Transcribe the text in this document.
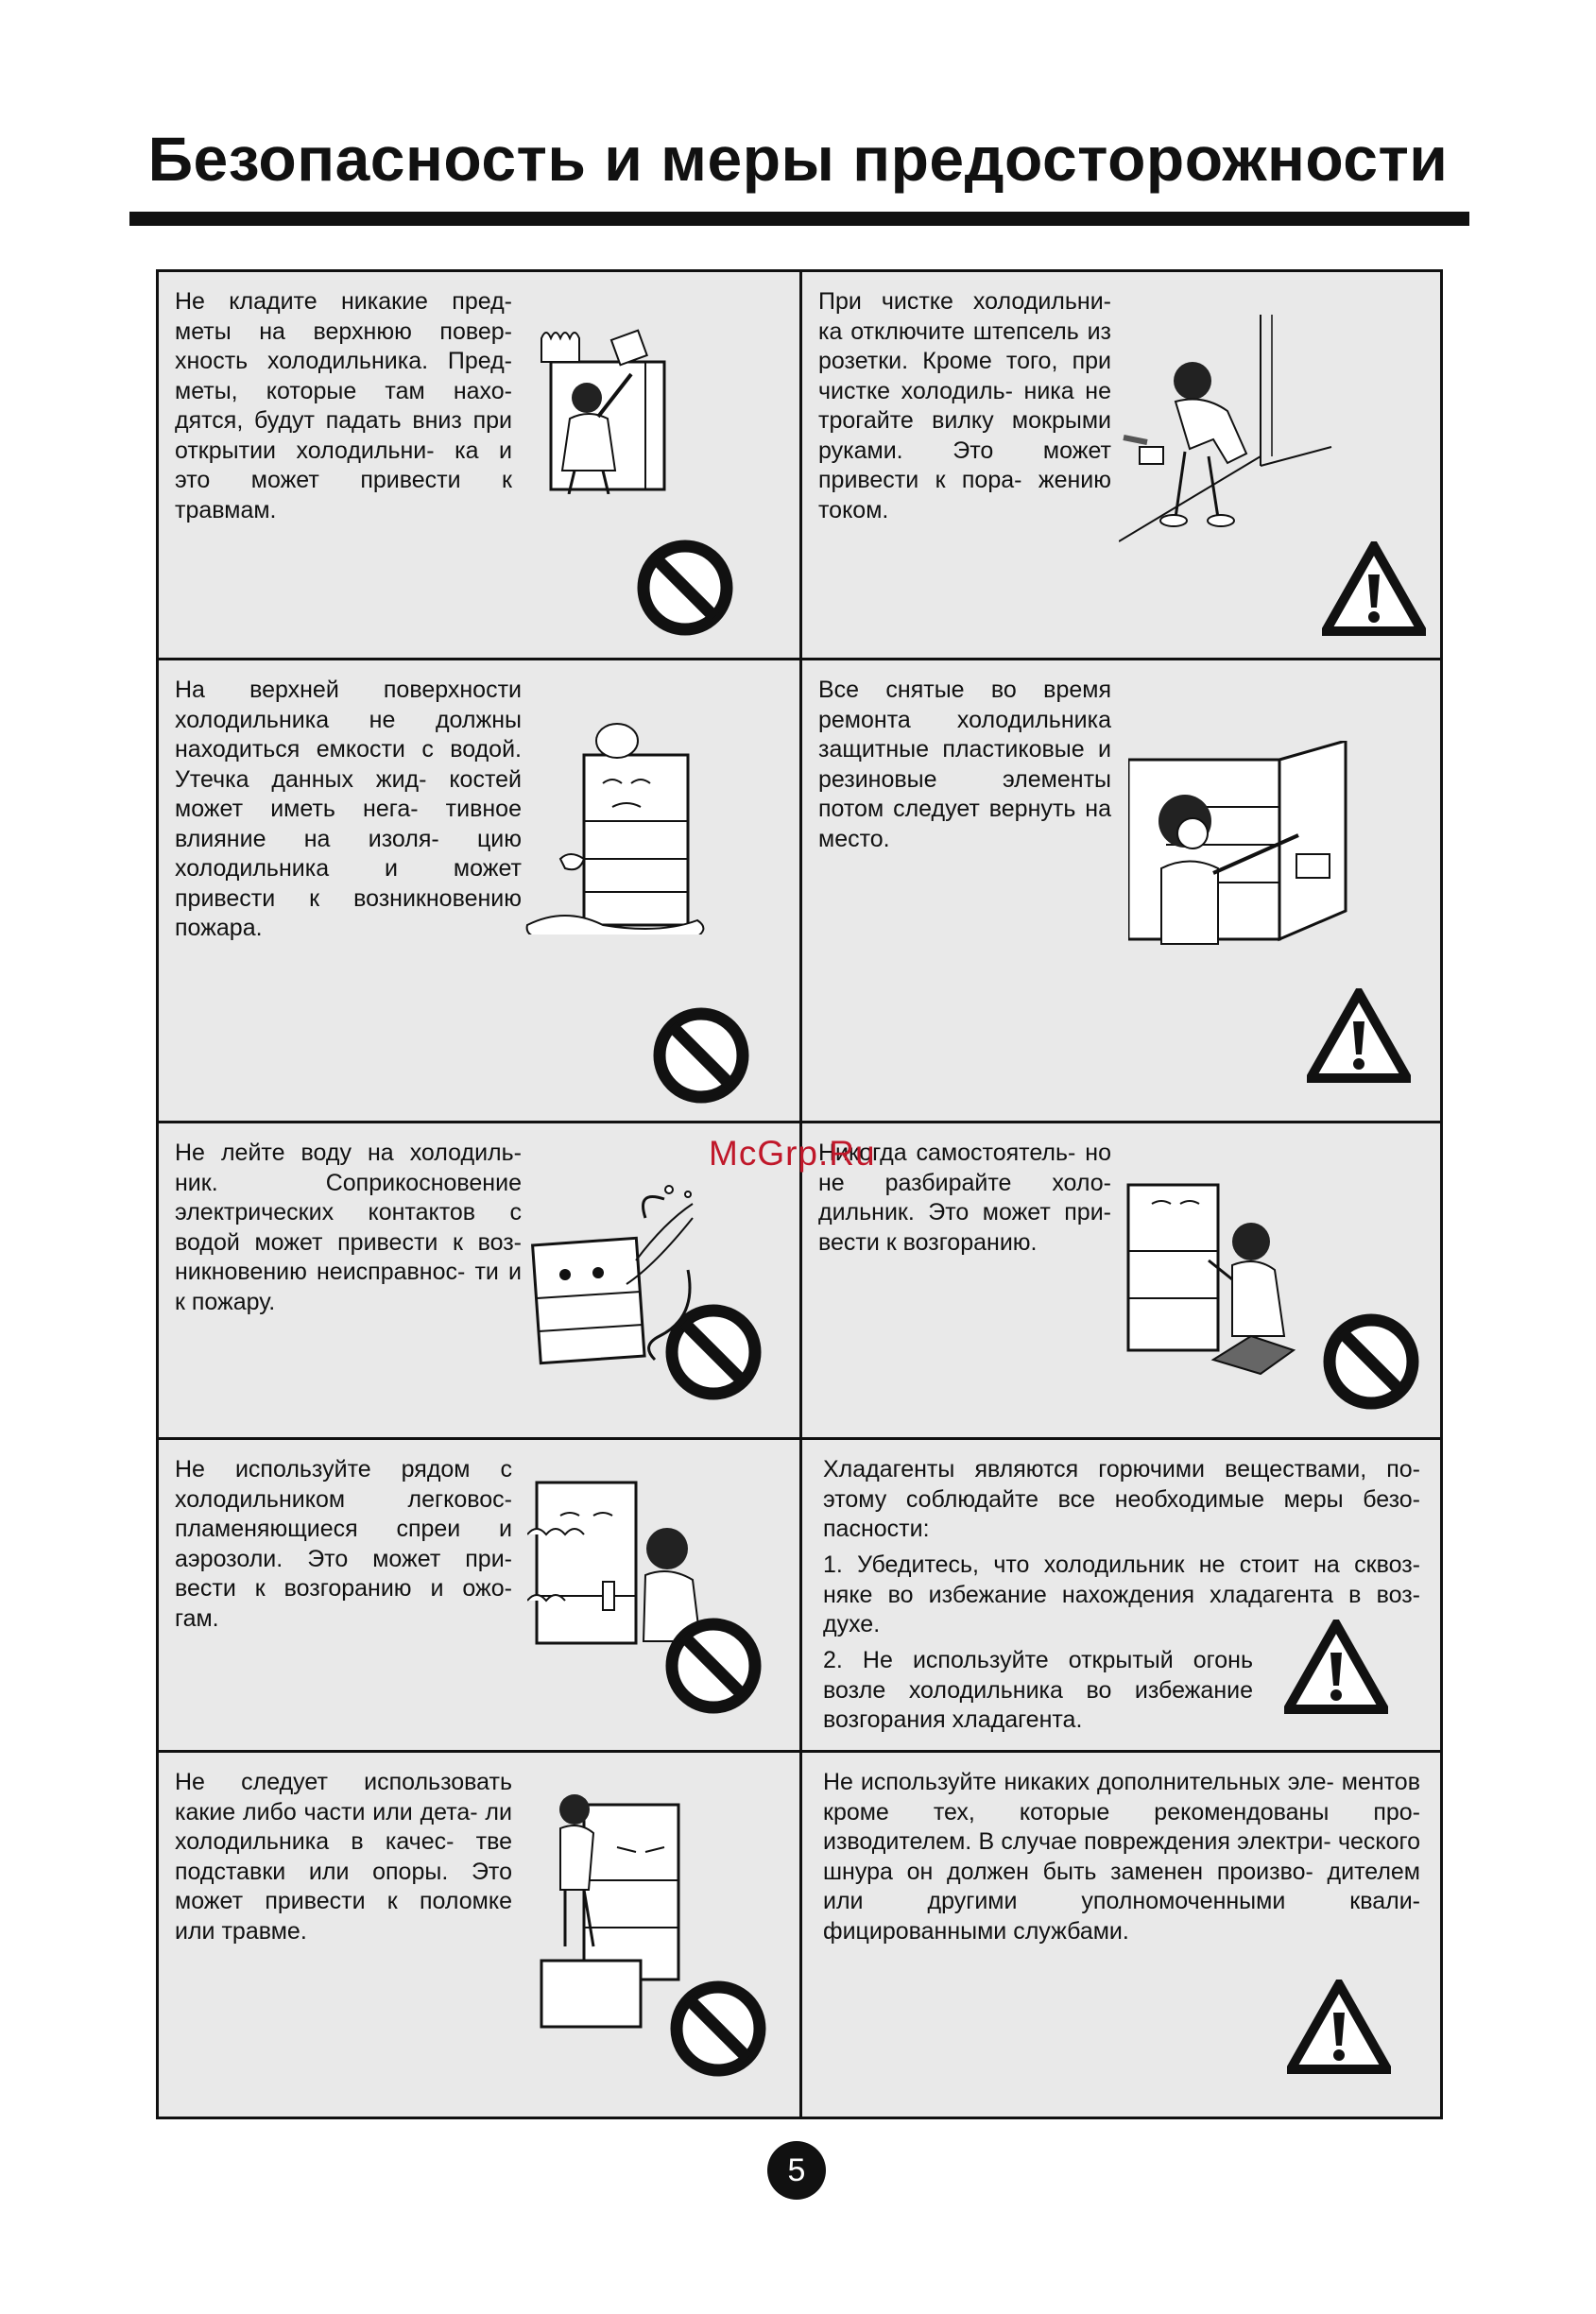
Безопасность и меры предосторожности
Не кладите никакие пред- меты на верхнюю повер- хность холодильника. Пред- меты, которые там нахо- дятся, будут падать вниз при открытии холодильни- ка и это может привести к травмам.
При чистке холодильни- ка отключите штепсель из розетки. Кроме того, при чистке холодиль- ника не трогайте вилку мокрыми руками. Это может привести к пора- жению током.
На верхней поверхности холодильника не должны находиться емкости с водой. Утечка данных жид- костей может иметь нега- тивное влияние на изоля- цию холодильника и может привести к возникновению пожара.
Все снятые во время ремонта холодильника защитные пластиковые и резиновые элементы потом следует вернуть на место.
Не лейте воду на холодиль- ник. Соприкосновение электрических контактов с водой может привести к воз- никновению неисправнос- ти и к пожару.
Никогда самостоятель- но не разбирайте холо- дильник. Это может при- вести к возгоранию.
Не используйте рядом с холодильником легковос- пламеняющиеся спреи и аэрозоли. Это может при- вести к возгоранию и ожо- гам.
Хладагенты являются горючими веществами, по- этому соблюдайте все необходимые меры безо- пасности:
1. Убедитесь, что холодильник не стоит на сквоз- няке во избежание нахождения хладагента в воз- духе.
2. Не используйте открытый огонь возле холодильника во избежание возгорания хладагента.
Не следует использовать какие либо части или дета- ли холодильника в качес- тве подставки или опоры. Это может привести к поломке или травме.
Не используйте никаких дополнительных эле- ментов кроме тех, которые рекомендованы про- изводителем. В случае повреждения электри- ческого шнура он должен быть заменен произво- дителем или другими уполномоченными квали- фицированными службами.
McGrp.Ru
5
